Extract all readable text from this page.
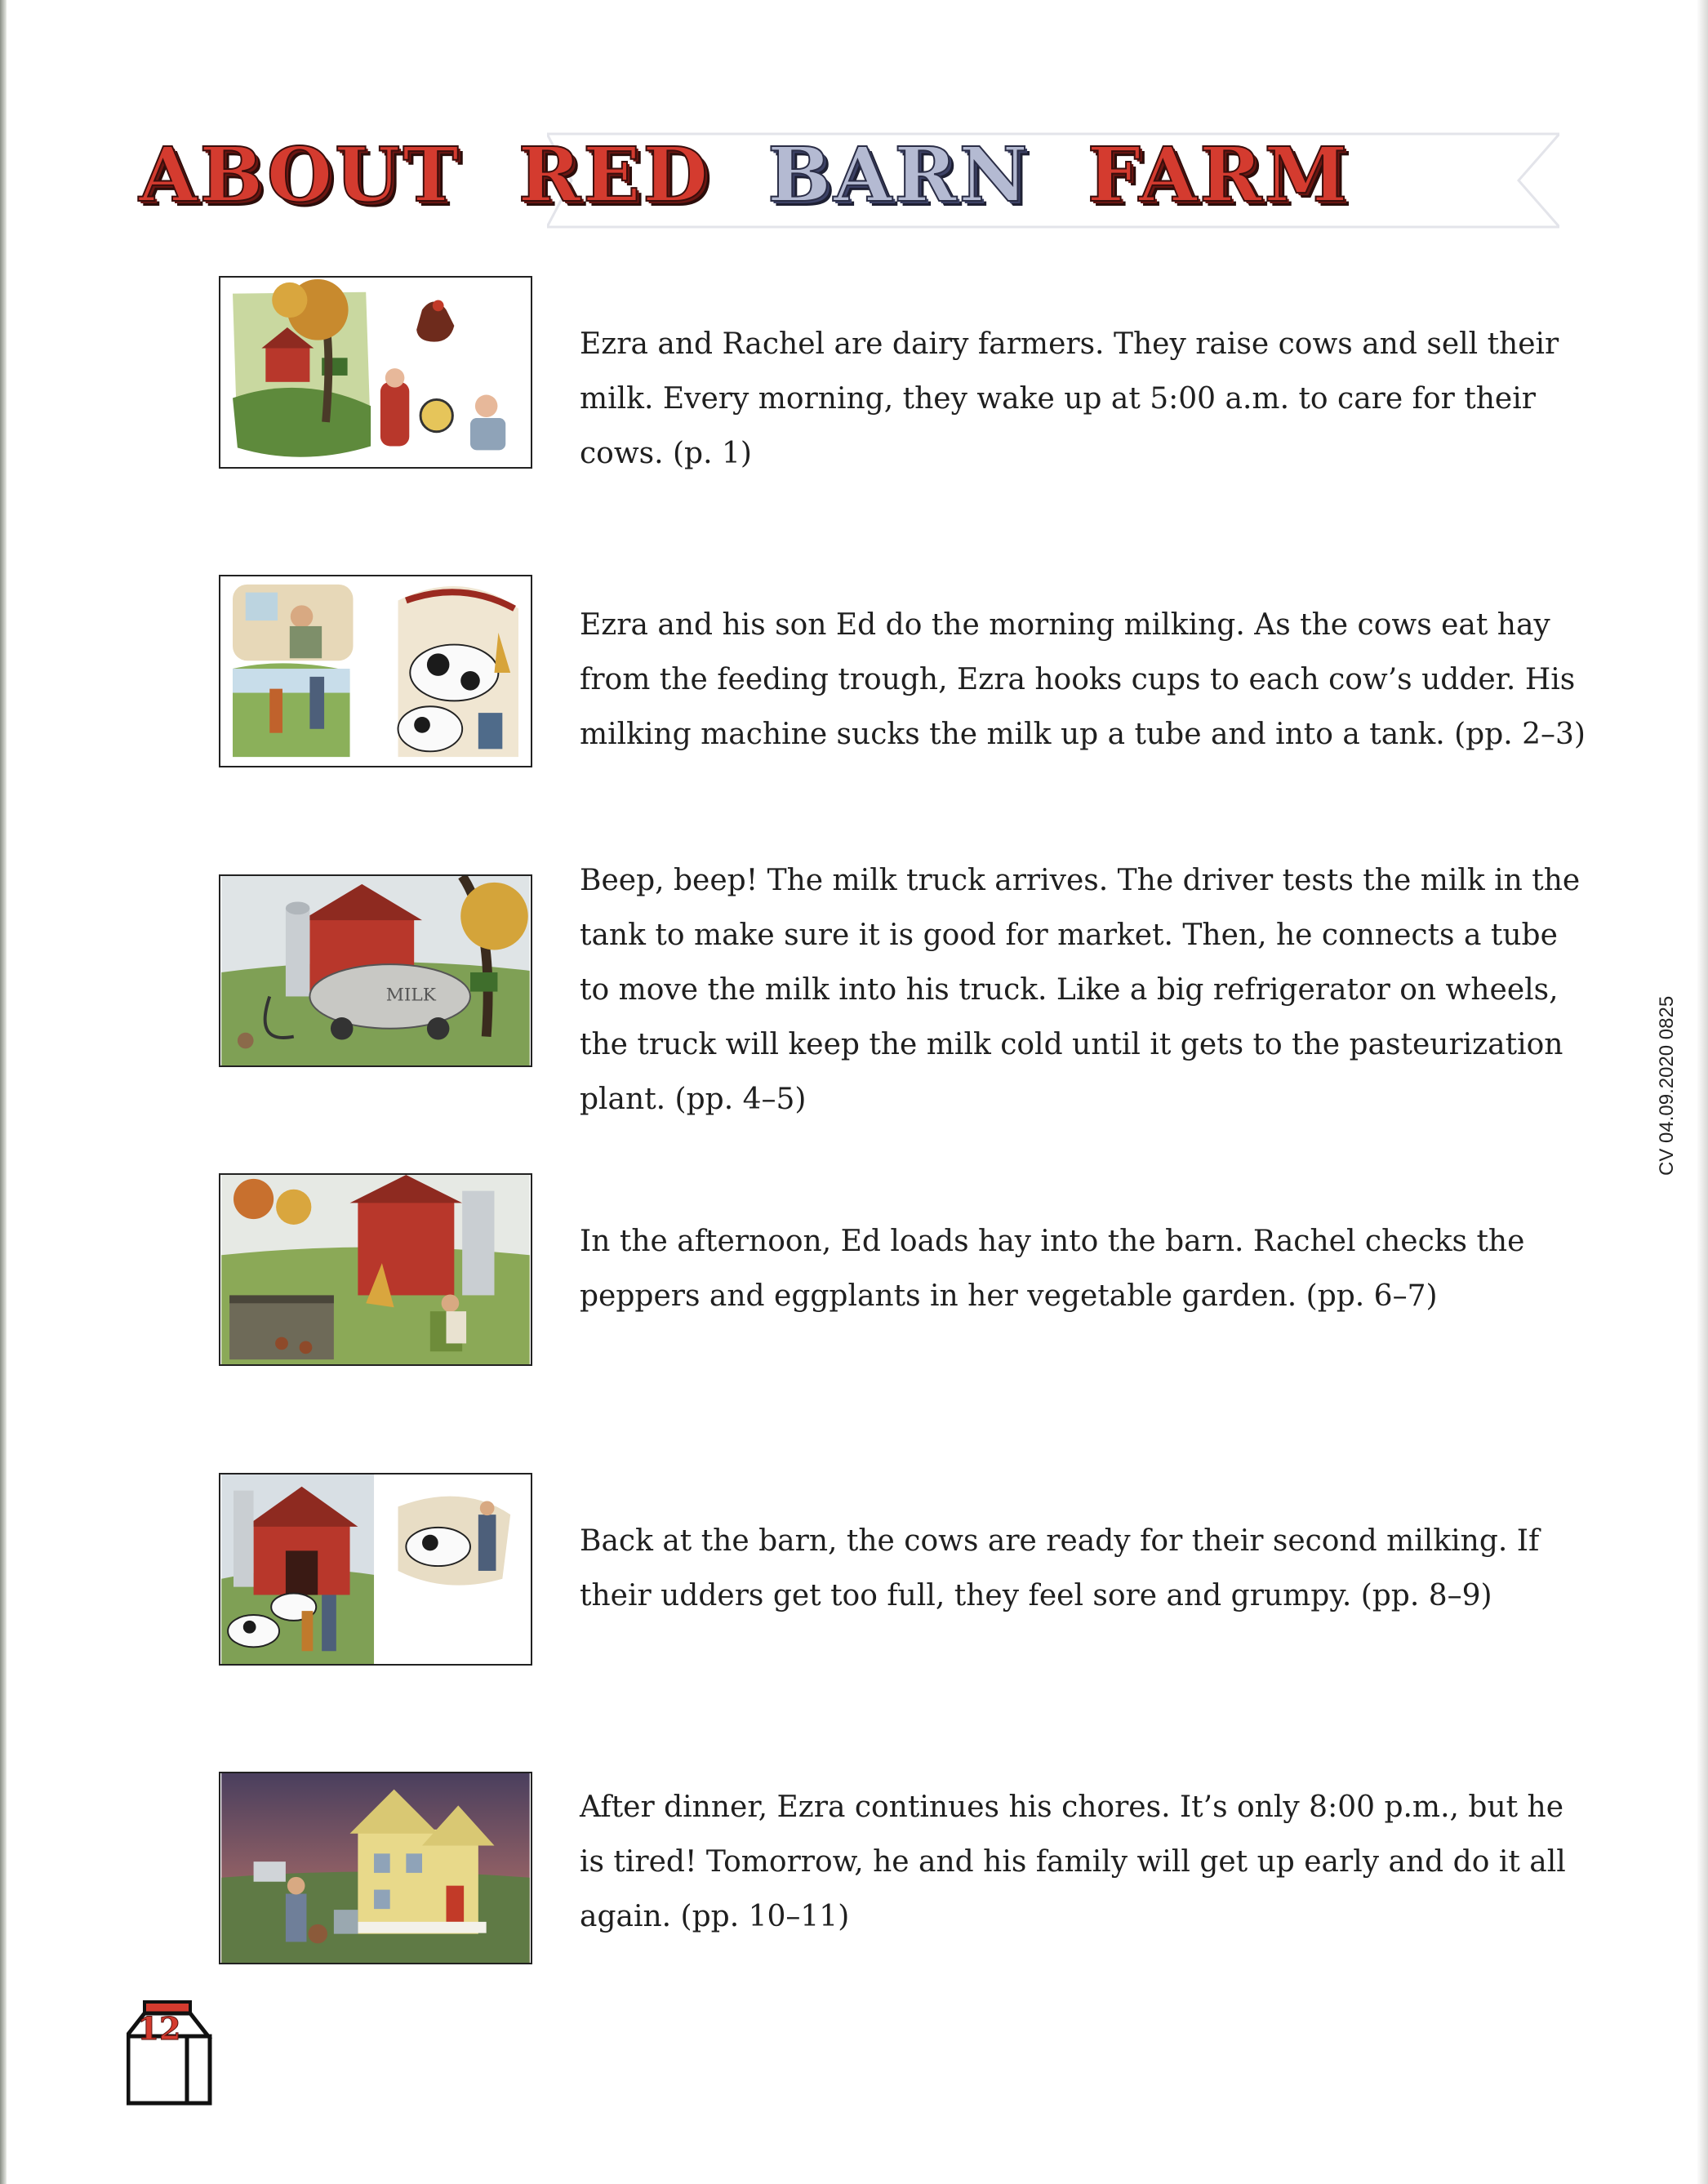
ABOUT RED BARN FARM

Ezra and Rachel are dairy farmers. They raise cows and sell their milk. Every morning, they wake up at 5:00 a.m. to care for their cows. (p. 1)

Ezra and his son Ed do the morning milking. As the cows eat hay from the feeding trough, Ezra hooks cups to each cow’s udder. His milking machine sucks the milk up a tube and into a tank. (pp. 2–3)

MILK

Beep, beep! The milk truck arrives. The driver tests the milk in the tank to make sure it is good for market. Then, he connects a tube to move the milk into his truck. Like a big refrigerator on wheels, the truck will keep the milk cold until it gets to the pasteurization plant. (pp. 4–5)

In the afternoon, Ed loads hay into the barn. Rachel checks the peppers and eggplants in her vegetable garden. (pp. 6–7)

Back at the barn, the cows are ready for their second milking. If their udders get too full, they feel sore and grumpy. (pp. 8–9)

After dinner, Ezra continues his chores. It’s only 8:00 p.m., but he is tired! Tomorrow, he and his family will get up early and do it all again. (pp. 10–11)

CV 04.09.2020 0825
12
